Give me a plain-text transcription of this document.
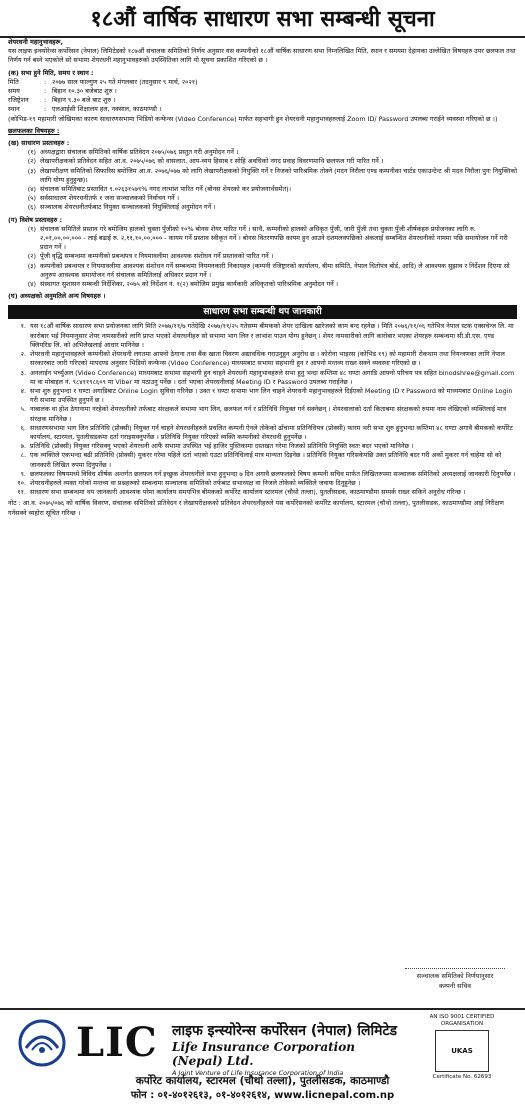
१८औं वार्षिक साधारण सभा सम्बन्धी सूचना

शेयरधनी महानुभावहरू,

यस लाइफ इन्स्योरेन्स कर्पोरेसन (नेपाल) लिमिटेडको १८७औं संचालक समितिको निर्णय अनुसार यस कम्पनीको १८औं वार्षिक साधारण सभा निम्नलिखित मिति, स्थान र समयमा देहायका उल्लेखित विषयहरु उपर छलफल तथा निर्णय गर्न बस्ने भएकोले सो सभामा शेयरधनी महानुभावहरुको उपस्थितिका लागि यो सूचना प्रकाशित गरिएको छ ।

(क) सभा हुने मिति, समय र स्थान :

मिति	: २०७७ साल फाल्गुण २५ गते मंगलबार (तदनुसार ९ मार्च, २०२१)
समय	: बिहान १०.३० बजेबाट शुरु ।
रजिष्ट्रेशन	: बिहान ९.३० बजे बाट शुरु ।
स्थान	: एलआईसी शिक्षालय हल, नक्साल, काठमाण्डौ ।

(कोभिड-१९ महामारी जोखिमका कारण साधारणसभामा भिडियो कन्फेन्स (Video Conference) मार्फत सहभागी हुन शेयरधनी महानुभावहरुलाई Zoom ID/ Password उपलब्ध गराईने व्यवस्था गरिएको छ ।)

छलफलका विषयहरु :

(ख) साधारण प्रस्तावहरु :

(१) अध्यक्षद्वारा संचालक समितिको वार्षिक प्रतिवेदन २०७५/०७६ प्रस्तुत गरी अनुमोदन गर्ने ।
(२) लेखापरीक्षकको प्रतिवेदन सहित आ.व. २०७५/०७६ को वासलात, आय-व्यय हिसाब र सोहि अवधिको नगद प्रवाह विवरणमाथि छलफल गरी पारित गर्ने ।
(३) लेखापरीक्षण समितिको सिफारिस बमोजिम आ.व. २०७६/०७७ को लागि लेखापरीक्षकको नियुक्ति गर्ने र निजको पारिश्रमिक तोक्ने (मदन निरौला एण्ड कम्पनीका चार्टड एकाउन्टेन्ट श्री मदन निरौला पुनः नियुक्तिको लागि योग्य हुनुहुन्छ)।
(४) संचालक समितिबाट प्रस्तावित ९.०२६३१५७९% नगद लाभांश पारित गर्ने (बोनस शेयरको कर प्रयोजनार्थसमेत)।
(५) सर्वसाधारण शेयरधनीतर्फ १ जना सञ्चालकको निर्वाचन गर्ने ।
(६) सञ्चालक शेयरधनीतर्फबाट नियुक्त सञ्चालकको नियुक्तिलाई अनुमोदन गर्ने ।

(ग) विशेष प्रस्तावहरु :

(१) संचालक समितिले प्रस्ताव गरे बमोजिम हालको चुक्ता पुँजीको १०% बोनस शेयर पारित गर्ने । साथै, कम्पनीको हालको अधिकृत पुँजी, जारी पुँजी तथा चुक्ता पुँजी शीर्षकहरु प्रयोजनका लागि रु. २,०१,००,००,००० - लाई बढाई रु. २,११,१०,००,००० - कायम गर्ने प्रस्ताव स्वीकृत गर्ने । बोनस वितरणपछि कायम हुन आउने दशमलवपछिको अंकलाई सम्बन्धित शेयरधनीको नाममा पछि समायोजन गर्ने गरी प्रदान गर्ने ।
(२) पूँजी वृद्धि सम्बन्धमा कम्पनीको प्रबन्धपत्र र नियमावलीमा आवश्यक संशोधन गर्ने प्रस्तावको पारित गर्ने ।
(३) कम्पनीको प्रबन्धपत्र र नियमावलीमा आवश्यक संशोधन गर्ने सम्बन्धमा नियमनकारी निकायहरु (कम्पनी रजिष्ट्रारको कार्यालय, बीमा समिति, नेपाल धितोपत्र बोर्ड, आदि) ले आवश्यक सुझाव र निर्देशन दिएमा सो अनुरुप आवश्यक समायोजन गर्न संचालक समितिलाई अधिकार प्रदान गर्ने ।
(४) संस्थागत सुशासन सम्बन्धी निर्देशिका, २०७५ को निर्देशन नं. १(२) बमोजिम प्रमुख कार्यकारी अधिकृतको पारिश्रमिक अनुमोदन गर्ने ।

(घ) अध्यक्षको अनुमतिले अन्य विषयहरु ।

साधारण सभा सम्बन्धी थप जानकारी
१. यस १८औं वार्षिक साधारण सभा प्रयोजनका लागि मिति २०७७/११/७ गतेदेखि २०७७/११/२५ गतेसम्म बीमकको शेयर दाखिला खारेजको काम बन्द रहनेछ । मिति २०७६/११/०६ गतेभित्र नेपाल स्टक एक्सचेन्ज लि. मा कारोबार भई नियमानुसार शेयर नामसारीको लागि प्राप्त भएको शेयरधनीहरु सो सभामा भाग लिन र लाभांश पाउन योग्य हुनेछन् । शेयर नामसारीको लागि कारोबार भएका शेयरहरु सम्बन्धमा सी.डी.एस. एण्ड क्लियरिङ लि. को अभिलेखलाई आधार मानिनेछ ।
२. शेयरधनी महानुभावहरुले कम्पनीको शेयरधनी लगतमा आफ्नो ठेगाना तथा बैंक खाता विवरण अद्यावधिक गराउनुहुन अनुरोध छ । कोरोना भाइरस (कोभिड १९) को महामारी रोकथाम तथा नियन्त्रणका लागि नेपाल सरकारबाट जारी गरिएको मापदण्ड अनुसार भिडियो कन्फेन्स (Video Conference) माध्यमबाट सभामा सहभागी हुन र आफ्नो मन्तव्य राख्न सक्ने व्यवस्था गरिएको छ ।
३. अनलाईन भर्च्युअल (Video Conference) माध्यमबाट सभामा सहभागी हुन चाहने शेयरधनी महानुभावहरुले सभा हुनु भन्दा कम्तिमा ४८ घण्टा अगाडि आफ्नो परिचय पत्र सहित binodshree@gmail.com मा वा मोबाइल नं. ९८४११९८६०९ मा Viber मा पठाउनु पर्नेछ । दर्ता भएका शेयरधनीलाई Meeting ID र Password उपलब्ध गराईनेछ ।
४. सभा शुरु हुनुभन्दा १ घण्टा अगाडिबाट Online Login सुविधा गरिनेछ । उक्त १ घण्टा सभामा भाग लिन चाहने शेयरधनी महानुभावहरुले दिईएको Meeting ID र Password को माध्यमबाट Online Login गरी सभामा उपस्थित हुनुपर्ने छ ।
५. नाबालक वा होश ठेगानामा नरहेको शेयरधनीको तर्फबाट संरक्षकले सभामा भाग लिन, छलफल गर्न र प्रतिनिधि नियुक्त गर्न सक्नेछन् । शेयरवालाको दर्ता किताबमा संरक्षकको रुपमा नाम लेखिएको व्यक्तिलाई मात्र संरक्षक मानिनेछ ।
६. साधारणसभामा भाग लिन प्रतिनिधि (प्रोक्सी) नियुक्त गर्न चाहने शेयरधनीहरुले प्रचलित कम्पनी ऐनले तोकेको ढाँचामा प्रतिनिधिपत्र (प्रोक्सी) फारम भरी सभा शुरु हुनुभन्दा कम्तिमा ४८ घण्टा अगावै बीमकको कर्पोरेट कार्यालय, स्टारमल, पुतलीसडकमा दर्ता गराइसक्नुपर्नेछ । प्रतिनिधि नियुक्त गरिएको व्यक्ति कम्पनीको शेयरधनी हुनुपर्नेछ ।
७. प्रतिनिधि (प्रोक्सी) नियुक्त गरिसक्नु भएको शेयरधनी आफैं सभामा उपस्थित भई हाजिर पुस्तिकामा दस्तखत गरेमा निजको प्रतिनिधि नियुक्ति स्वतः बदर भएको मानिनेछ ।
८. एक व्यक्तिले एकभन्दा बढी प्रतिनिधि (प्रोक्सी) मुकरर गरेमा पहिले दर्ता भएको एउटा प्रतिनिधिलाई मात्र मान्यता दिइनेछ । प्रतिनिधि नियुक्त गरिसकेपछि उक्त प्रतिनिधि बदर गरी अर्को मुकरर गर्न चाहेमा सो को जानकारी लिखित रुपमा दिनुपर्नेछ ।
९. छलफलका विषयमध्ये विविध शीर्षक अन्तर्गत छलफल गर्न इच्छुक शेयरधनीले सभा हुनुभन्दा ७ दिन अगावै छलफलको विषय कम्पनी सचिव मार्फत लिखितरुपमा सञ्चालक समितिको अध्यक्षलाई जानकारी दिनुपर्नेछ ।
१०. शेयरधनीहरुले व्यक्त गरेको मन्तव्य वा प्रश्नहरुको सम्बन्धमा सञ्चालक समितिको तर्फबाट सभाध्यक्ष वा निजले तोकेको व्यक्तिले जवाफ दिनुहुनेछ ।
११. साधारण सभा सम्बन्धमा थप जानकारी आवश्यक परेमा कार्यालय समयभित्र बीमकको कर्पोरेट कार्यालय स्टारमल (चौथो तल्ला), पुतलीसडक, काठमाण्डौमा सम्पर्क राख्न सकिने अनुरोध गरिन्छ ।

नोट : आ.व. २०७५/०७६ को वार्षिक विवरण, संचालक समितिको प्रतिवेदन र लेखापरीक्षकको प्रतिवेदन शेयरधनीहरुले यस कर्पोरेसनको कर्पोरेट कार्यालय, स्टारमल (चौथो तल्ला), पुतलीसडक, काठमाण्डौमा आई निरीक्षण गर्नसक्ने व्यहोरा सूचित गरिन्छ ।

सञ्चालक समितिको निर्णयानुसार
कम्पनी सचिव
LIC लाइफ इन्स्योरेन्स कर्पोरेसन (नेपाल) लिमिटेड
Life Insurance Corporation (Nepal) Ltd.
A Joint Venture of Life Insurance Corporation of India
AN ISO 9001 CERTIFIED ORGANISATION
UKAS
Certificate No. 62693
कर्पोरेट कार्यालय, स्टारमल (चौथो तल्ला), पुतलीसडक, काठमाण्डौ
फोन : ०१-४०१२६१३, ०१-४०१२६१४, www.licnepal.com.np
